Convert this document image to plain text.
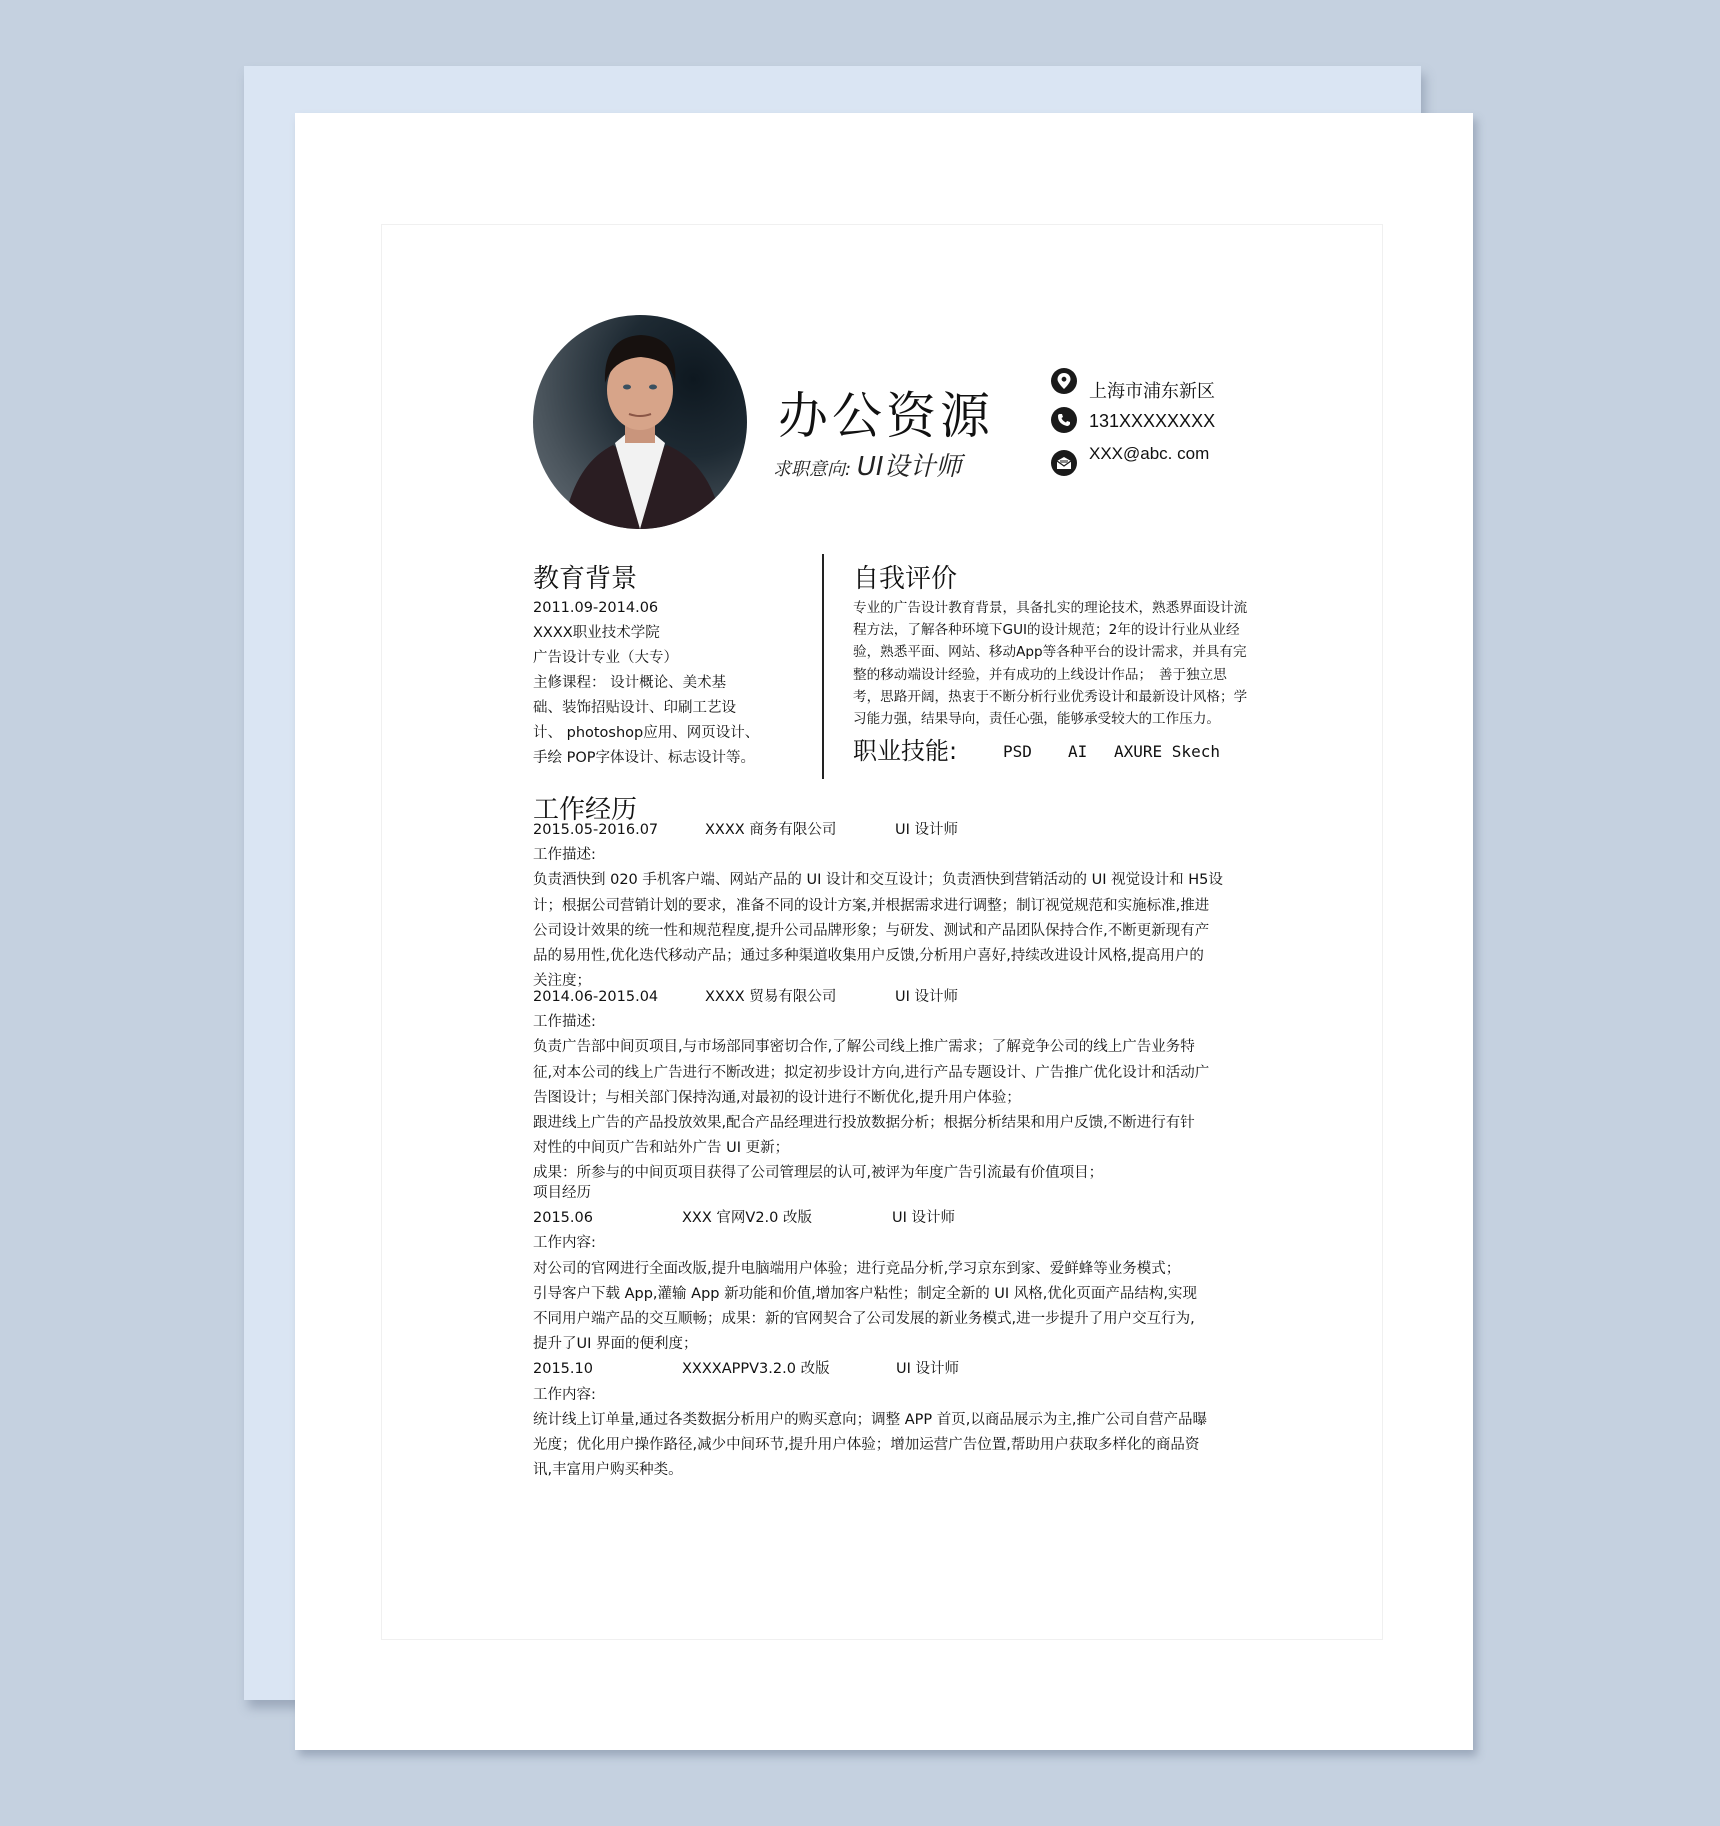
办公资源
求职意向: UI设计师
上海市浦东新区
131XXXXXXXX
XXX@abc. com
教育背景
2011.09-2014.06
XXXX职业技术学院
广告设计专业（大专）
主修课程： 设计概论、美术基
础、装饰招贴设计、印刷工艺设
计、 photoshop应用、网页设计、
手绘 POP字体设计、标志设计等。
自我评价
专业的广告设计教育背景，具备扎实的理论技术，熟悉界面设计流
程方法，了解各种环境下GUI的设计规范；2年的设计行业从业经
验，熟悉平面、网站、移动App等各种平台的设计需求，并具有完
整的移动端设计经验，并有成功的上线设计作品；　善于独立思
考，思路开阔，热衷于不断分析行业优秀设计和最新设计风格；学
习能力强，结果导向，责任心强，能够承受较大的工作压力。
职业技能:	PSD AI AXURE Skech
工作经历
2015.05-2016.07	XXXX 商务有限公司	UI 设计师
工作描述:
负责酒快到 020 手机客户端、网站产品的 UI 设计和交互设计；负责酒快到营销活动的 UI 视觉设计和 H5设
计；根据公司营销计划的要求，准备不同的设计方案,并根据需求进行调整；制订视觉规范和实施标准,推进
公司设计效果的统一性和规范程度,提升公司品牌形象；与研发、测试和产品团队保持合作,不断更新现有产
品的易用性,优化迭代移动产品；通过多种渠道收集用户反馈,分析用户喜好,持续改进设计风格,提高用户的
关注度；
2014.06-2015.04	XXXX 贸易有限公司	UI 设计师
工作描述:
负责广告部中间页项目,与市场部同事密切合作,了解公司线上推广需求；了解竞争公司的线上广告业务特
征,对本公司的线上广告进行不断改进；拟定初步设计方向,进行产品专题设计、广告推广优化设计和活动广
告图设计；与相关部门保持沟通,对最初的设计进行不断优化,提升用户体验；
跟进线上广告的产品投放效果,配合产品经理进行投放数据分析；根据分析结果和用户反馈,不断进行有针
对性的中间页广告和站外广告 UI 更新；
成果：所参与的中间页项目获得了公司管理层的认可,被评为年度广告引流最有价值项目；
项目经历
2015.06	XXX 官网V2.0 改版	UI 设计师
工作内容:
对公司的官网进行全面改版,提升电脑端用户体验；进行竞品分析,学习京东到家、爱鲜蜂等业务模式；
引导客户下载 App,灌输 App 新功能和价值,增加客户粘性；制定全新的 UI 风格,优化页面产品结构,实现
不同用户端产品的交互顺畅；成果：新的官网契合了公司发展的新业务模式,进一步提升了用户交互行为,
提升了UI 界面的便利度；
2015.10	XXXXAPPV3.2.0 改版	UI 设计师
工作内容:
统计线上订单量,通过各类数据分析用户的购买意向；调整 APP 首页,以商品展示为主,推广公司自营产品曝
光度；优化用户操作路径,减少中间环节,提升用户体验；增加运营广告位置,帮助用户获取多样化的商品资
讯,丰富用户购买种类。
